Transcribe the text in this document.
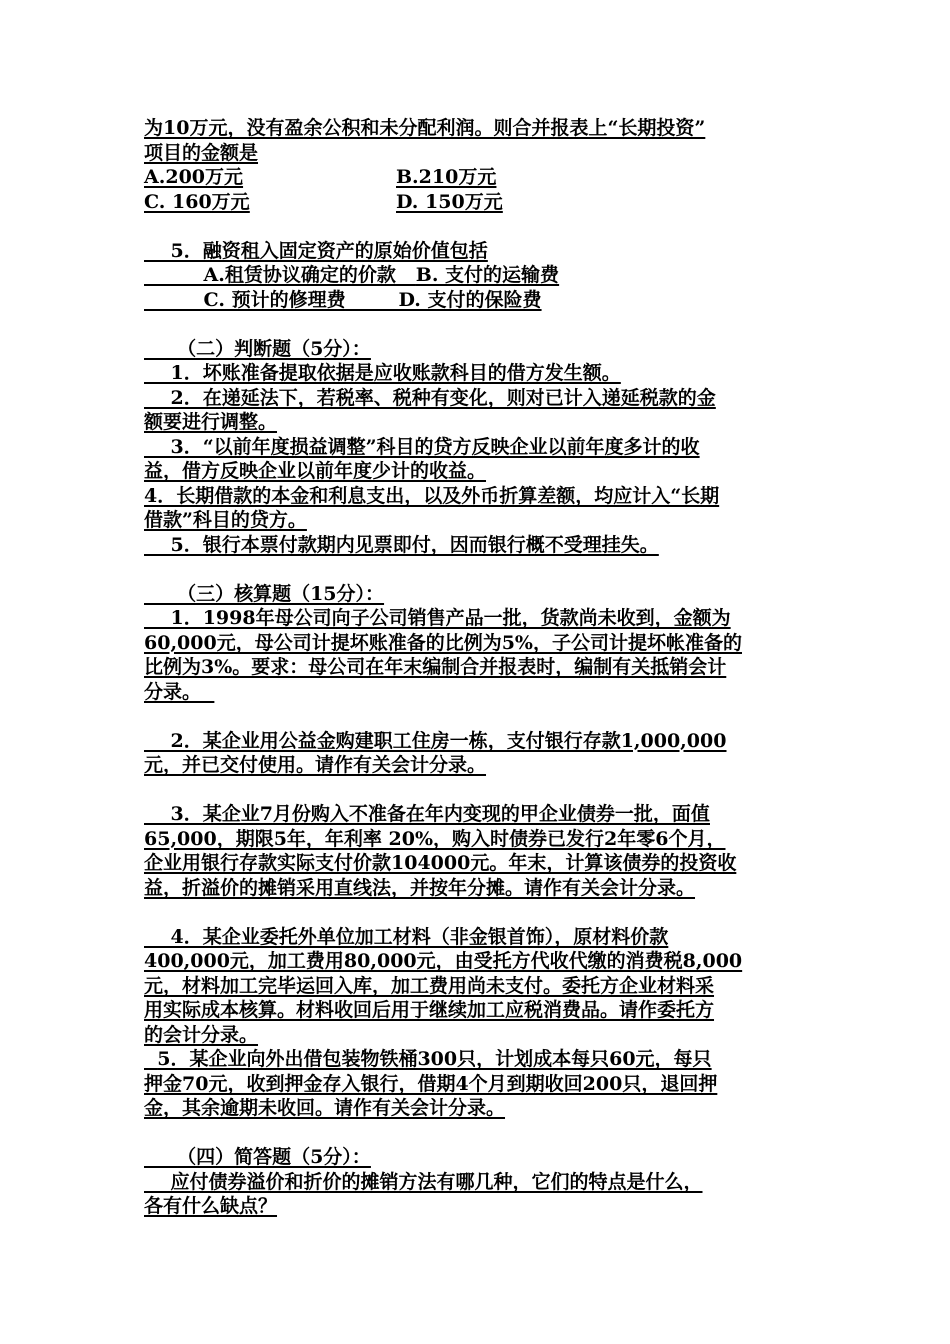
为10万元，没有盈余公积和未分配利润。则合并报表上“长期投资”
项目的金额是
A.200万元	B.210万元
C. 160万元	D. 150万元
5．融资租入固定资产的原始价值包括
A.租赁协议确定的价款 B. 支付的运输费
C. 预计的修理费	D. 支付的保险费
（二）判断题（5分）：
1．坏账准备提取依据是应收账款科目的借方发生额。
2．在递延法下，若税率、税种有变化，则对已计入递延税款的金
额要进行调整。
3．“以前年度损益调整”科目的贷方反映企业以前年度多计的收
益，借方反映企业以前年度少计的收益。
4．长期借款的本金和利息支出，以及外币折算差额，均应计入“长期
借款”科目的贷方。
5．银行本票付款期内见票即付，因而银行概不受理挂失。
（三）核算题（15分）：
1．1998年母公司向子公司销售产品一批，货款尚未收到，金额为
60,000元，母公司计提坏账准备的比例为5%，子公司计提坏帐准备的
比例为3%。要求：母公司在年末编制合并报表时，编制有关抵销会计
分录。
2．某企业用公益金购建职工住房一栋，支付银行存款1,000,000
元，并已交付使用。请作有关会计分录。
3．某企业7月份购入不准备在年内变现的甲企业债券一批，面值
65,000，期限5年，年利率 20%，购入时债券已发行2年零6个月，
企业用银行存款实际支付价款104000元。年末，计算该债券的投资收
益，折溢价的摊销采用直线法，并按年分摊。请作有关会计分录。
4．某企业委托外单位加工材料（非金银首饰），原材料价款
400,000元，加工费用80,000元，由受托方代收代缴的消费税8,000
元，材料加工完毕运回入库，加工费用尚未支付。委托方企业材料采
用实际成本核算。材料收回后用于继续加工应税消费品。请作委托方
的会计分录。
5．某企业向外出借包装物铁桶300只，计划成本每只60元，每只
押金70元，收到押金存入银行，借期4个月到期收回200只，退回押
金，其余逾期未收回。请作有关会计分录。
（四）简答题（5分）：
应付债券溢价和折价的摊销方法有哪几种，它们的特点是什么，
各有什么缺点？
